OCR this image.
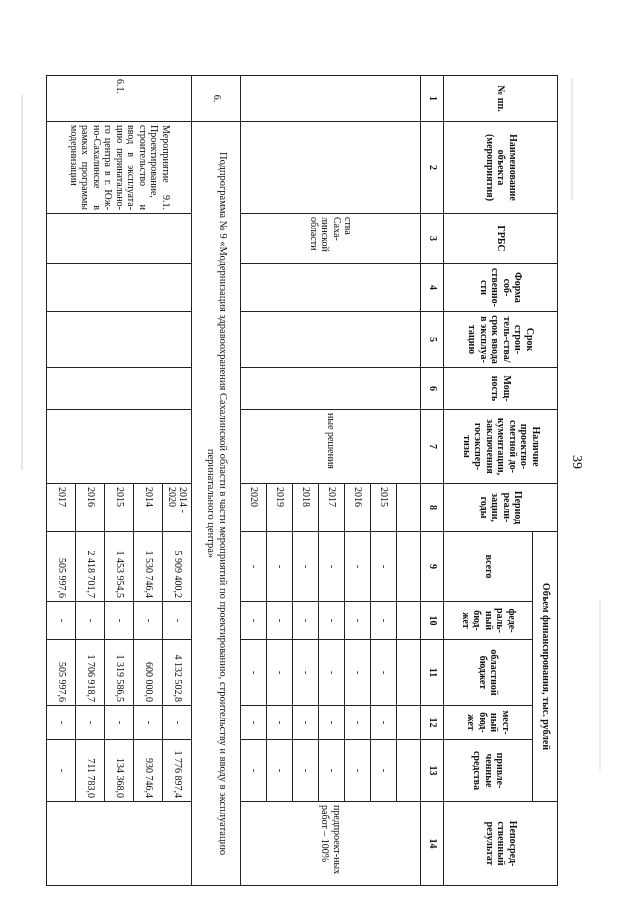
39
№ пп.	Наименование объекта (мероприятия)	ГРБС	Форма соб-ственно-сти	Срок строи-тель-ства/срок ввода в эксплуа-тацию	Мощ-ность	Наличие проектно-сметной до-кументации, заключения госэкспер-тизы	Период реали-зации, годы	Объем финансирования, тыс. рублей					Непосред-ственный результат
								всего	феде-раль-ный бюд-жет	областной бюджет	мест-ный бюд-жет	привле-ченные средства	
1	2	3	4	5	6	7	8	9	10	11	12	13	14
		ства Саха-линской области				ные решения							предпроект-ных работ – 100%
							2015	-	-	-	-	-	
							2016	-	-	-	-	-	
							2017	-	-	-	-	-	
							2018	-	-	-	-	-	
							2019	-	-	-	-	-	
							2020	-	-	-	-	-	
6.	Подпрограмма № 9 «Модернизация здравоохранения Сахалинской области в части мероприятий по проектированию, строительству и вводу в эксплуатацию перинатального центра»												
6.1.	Мероприятие 9.1. Проектирование, строительство и ввод в эксплуата-цию перинатально-го центра в г. Юж-но-Сахалинске в рамках программы модернизации						2014 - 2020	5 909 400,2	-	4 132 502,8	-	1 776 897,4	
							2014	1 530 746,4	-	600 000,0	-	930 746,4	
							2015	1 453 954,5	-	1 319 586,5	-	134 368,0	
							2016	2 418 701,7	-	1 706 918,7	-	711 783,0	
							2017	505 997,6	-	505 997,6	-	-	
